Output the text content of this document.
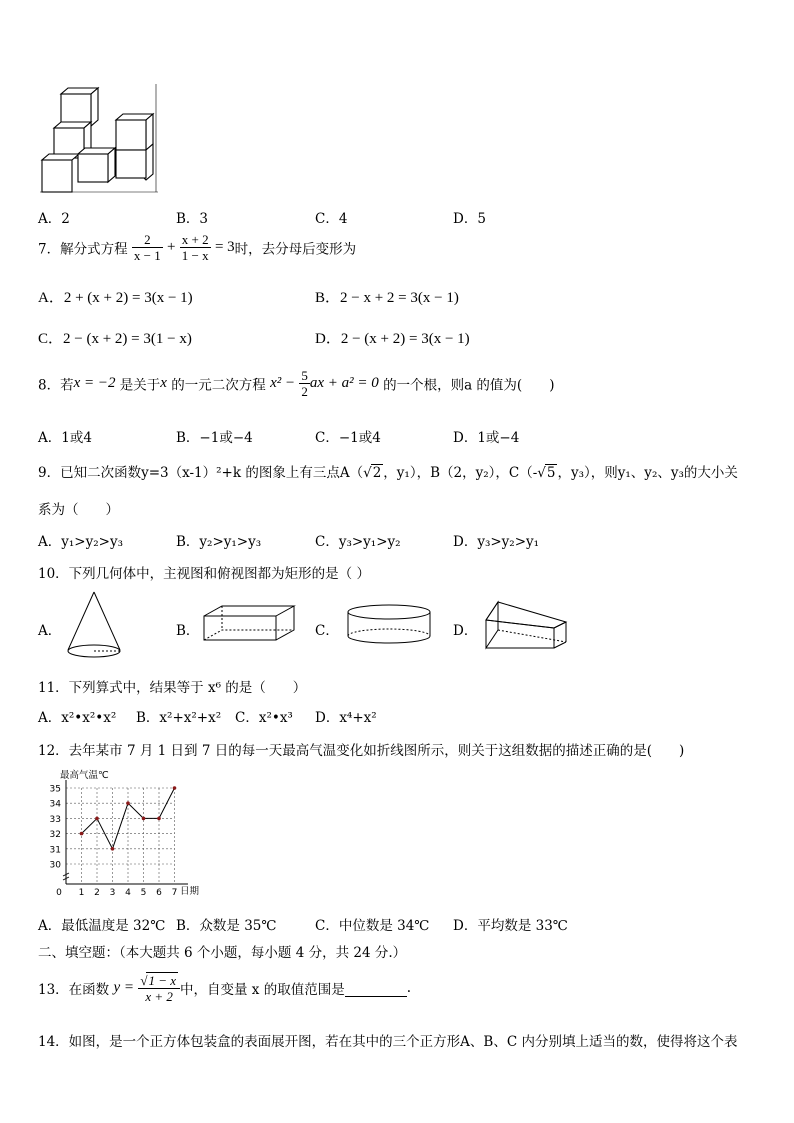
A．2	B．3	C．4	D．5
7．解分式方程 $\frac{2}{x - 1} + \frac{x + 2}{1 - x} = 3$时，去分母后变形为
A．2 + (x + 2) = 3(x − 1)	B．2 − x + 2 = 3(x − 1)
C．2 − (x + 2) = 3(1 − x)	D．2 − (x + 2) = 3(x − 1)
8．若x = −2 是关于x 的一元二次方程 $x^2 - \frac{5}{2}$ ax + a² = 0 的一个根，则a 的值为(　　)
A．1或4	B．−1或−4	C．−1或4	D．1或−4
9．已知二次函数y=3（x-1）²+k 的图象上有三点A（√2 ，y₁），B（2，y₂），C（-√5 ，y₃），则y₁、y₂、y₃的大小关
系为（　　）
A．y₁>y₂>y₃	B．y₂>y₁>y₃	C．y₃>y₁>y₂	D．y₃>y₂>y₁
10．下列几何体中，主视图和俯视图都为矩形的是（ ）
A．	B．	C．	D．
11．下列算式中，结果等于 x⁶ 的是（　　）
A．x²•x²•x² B．x²+x²+x² C．x²•x³ D．x⁴+x²
12．去年某市 7 月 1 日到 7 日的每一天最高气温变化如折线图所示，则关于这组数据的描述正确的是(　　)
最高气温℃
日期
30
31
32
33
34
35
0 1 2 3 4 5 6 7
A．最低温度是 32℃ B．众数是 35℃	C．中位数是 34℃ D．平均数是 33℃
二、填空题：（本大题共 6 个小题，每小题 4 分，共 24 分.）
13．在函数 $y = \frac{√1 - x}{x + 2}$ 中，自变量 x 的取值范围是	.
14．如图，是一个正方体包装盒的表面展开图，若在其中的三个正方形A、B、C 内分别填上适当的数，使得将这个表
